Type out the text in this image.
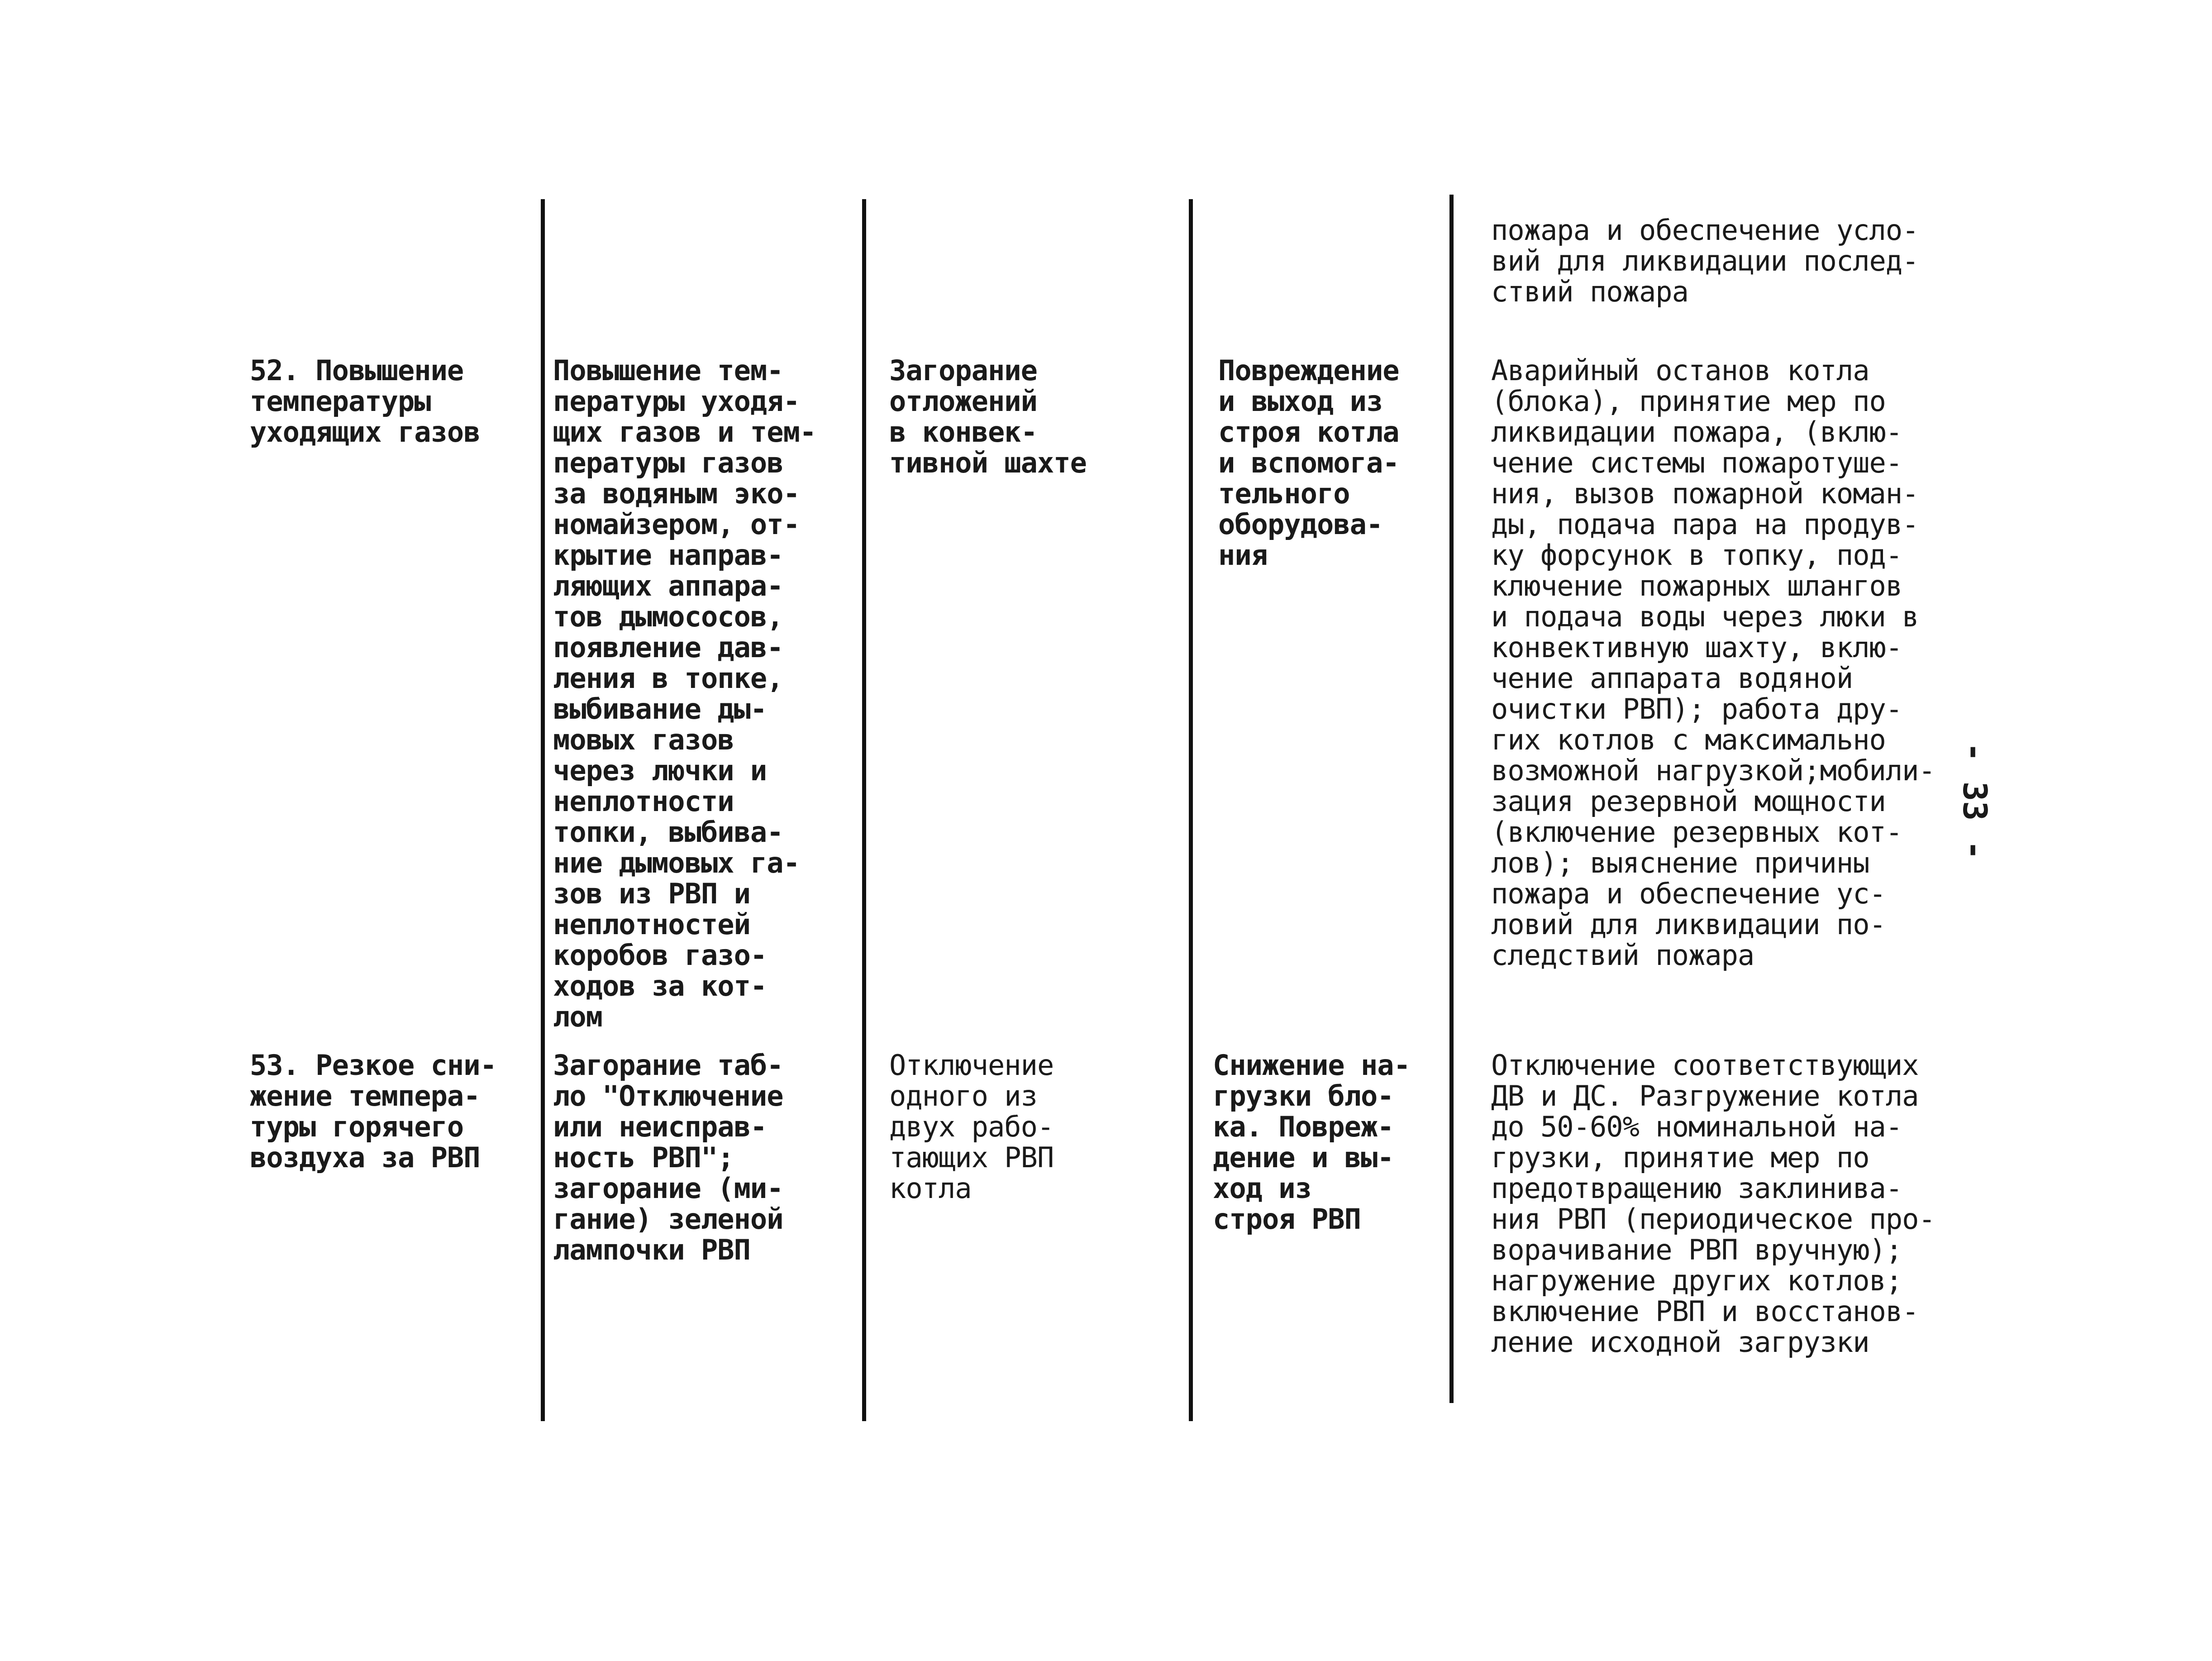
пожара и обеспечение усло-
вий для ликвидации послед-
ствий пожара
52. Повышение
температуры
уходящих газов
Повышение тем-
пературы уходя-
щих газов и тем-
пературы газов
за водяным эко-
номайзером, от-
крытие направ-
ляющих аппара-
тов дымососов,
появление дав-
ления в топке,
выбивание ды-
мовых газов
через лючки и
неплотности
топки, выбива-
ние дымовых га-
зов из РВП и
неплотностей
коробов газо-
ходов за кот-
лом
Загорание
отложений
в конвек-
тивной шахте
Повреждение
и выход из
строя котла
и вспомога-
тельного
оборудова-
ния
Аварийный останов котла
(блока), принятие мер по
ликвидации пожара, (вклю-
чение системы пожаротуше-
ния, вызов пожарной коман-
ды, подача пара на продув-
ку форсунок в топку, под-
ключение пожарных шлангов
и подача воды через люки в
конвективную шахту, вклю-
чение аппарата водяной
очистки РВП); работа дру-
гих котлов с максимально
возможной нагрузкой;мобили-
зация резервной мощности
(включение резервных кот-
лов); выяснение причины
пожара и обеспечение ус-
ловий для ликвидации по-
следствий пожара
53. Резкое сни-
жение темпера-
туры горячего
воздуха за РВП
Загорание таб-
ло "Отключение
или неисправ-
ность РВП";
загорание (ми-
гание) зеленой
лампочки РВП
Отключение
одного из
двух рабо-
тающих РВП
котла
Снижение на-
грузки бло-
ка. Повреж-
дение и вы-
ход из
строя РВП
Отключение соответствующих
ДВ и ДС. Разгружение котла
до 50-60% номинальной на-
грузки, принятие мер по
предотвращению заклинива-
ния РВП (периодическое про-
ворачивание РВП вручную);
нагружение других котлов;
включение РВП и восстанов-
ление исходной загрузки
- 33 -
